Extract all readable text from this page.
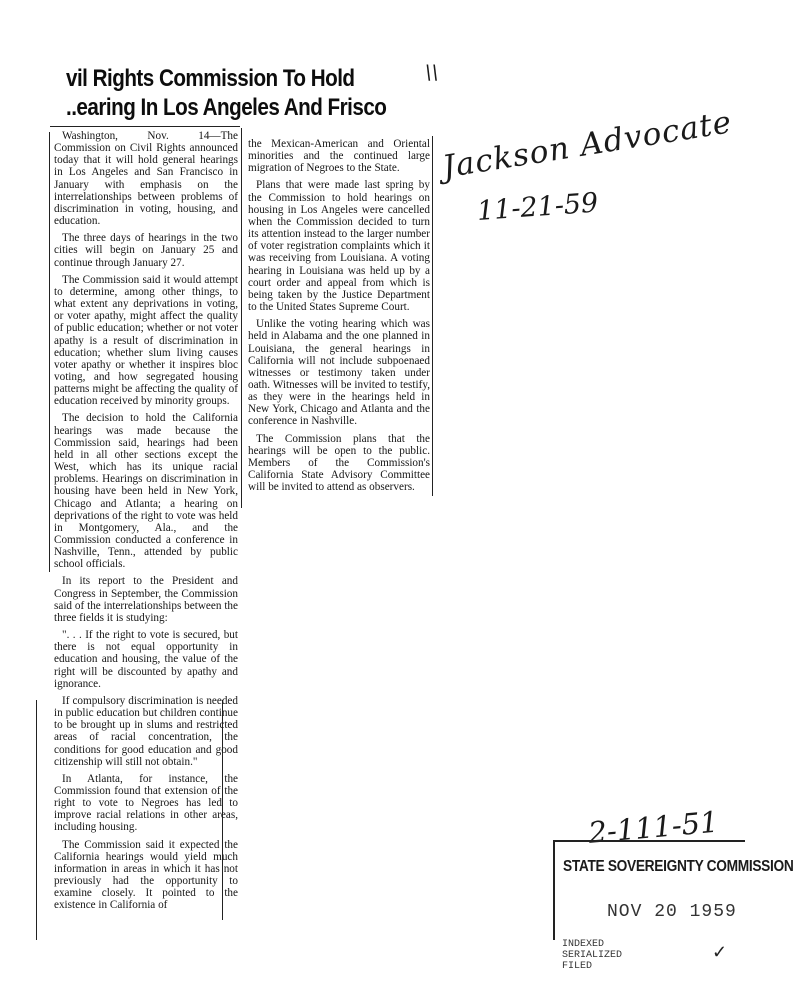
vil Rights Commission To Hold
..earing In Los Angeles And Frisco

Washington, Nov. 14—The Commission on Civil Rights announced today that it will hold general hearings in Los Angeles and San Francisco in January with emphasis on the interrelationships between problems of discrimination in voting, housing, and education.

The three days of hearings in the two cities will begin on January 25 and continue through January 27.

The Commission said it would attempt to determine, among other things, to what extent any deprivations in voting, or voter apathy, might affect the quality of public education; whether or not voter apathy is a result of discrimination in education; whether slum living causes voter apathy or whether it inspires bloc voting, and how segregated housing patterns might be affecting the quality of education received by minority groups.

The decision to hold the California hearings was made because the Commission said, hearings had been held in all other sections except the West, which has its unique racial problems. Hearings on discrimination in housing have been held in New York, Chicago and Atlanta; a hearing on deprivations of the right to vote was held in Montgomery, Ala., and the Commission conducted a conference in Nashville, Tenn., attended by public school officials.

In its report to the President and Congress in September, the Commission said of the interrelationships between the three fields it is studying:

". . . If the right to vote is secured, but there is not equal opportunity in education and housing, the value of the right will be discounted by apathy and ignorance.

If compulsory discrimination is needed in public education but children continue to be brought up in slums and restricted areas of racial concentration, the conditions for good education and good citizenship will still not obtain."

In Atlanta, for instance, the Commission found that extension of the right to vote to Negroes has led to improve racial relations in other areas, including housing.

The Commission said it expected the California hearings would yield much information in areas in which it has not previously had the opportunity to examine closely. It pointed to the existence in California of

the Mexican-American and Oriental minorities and the continued large migration of Negroes to the State.

Plans that were made last spring by the Commission to hold hearings on housing in Los Angeles were cancelled when the Commission decided to turn its attention instead to the larger number of voter registration complaints which it was receiving from Louisiana. A voting hearing in Louisiana was held up by a court order and appeal from which is being taken by the Justice Department to the United States Supreme Court.

Unlike the voting hearing which was held in Alabama and the one planned in Louisiana, the general hearings in California will not include subpoenaed witnesses or testimony taken under oath. Witnesses will be invited to testify, as they were in the hearings held in New York, Chicago and Atlanta and the conference in Nashville.

The Commission plans that the hearings will be open to the public. Members of the Commission's California State Advisory Committee will be invited to attend as observers.

\\
Jackson Advocate
11-21-59
2-111-51
STATE SOVEREIGNTY COMMISSION
NOV 20 1959
INDEXED
SERIALIZED
FILED
✓
